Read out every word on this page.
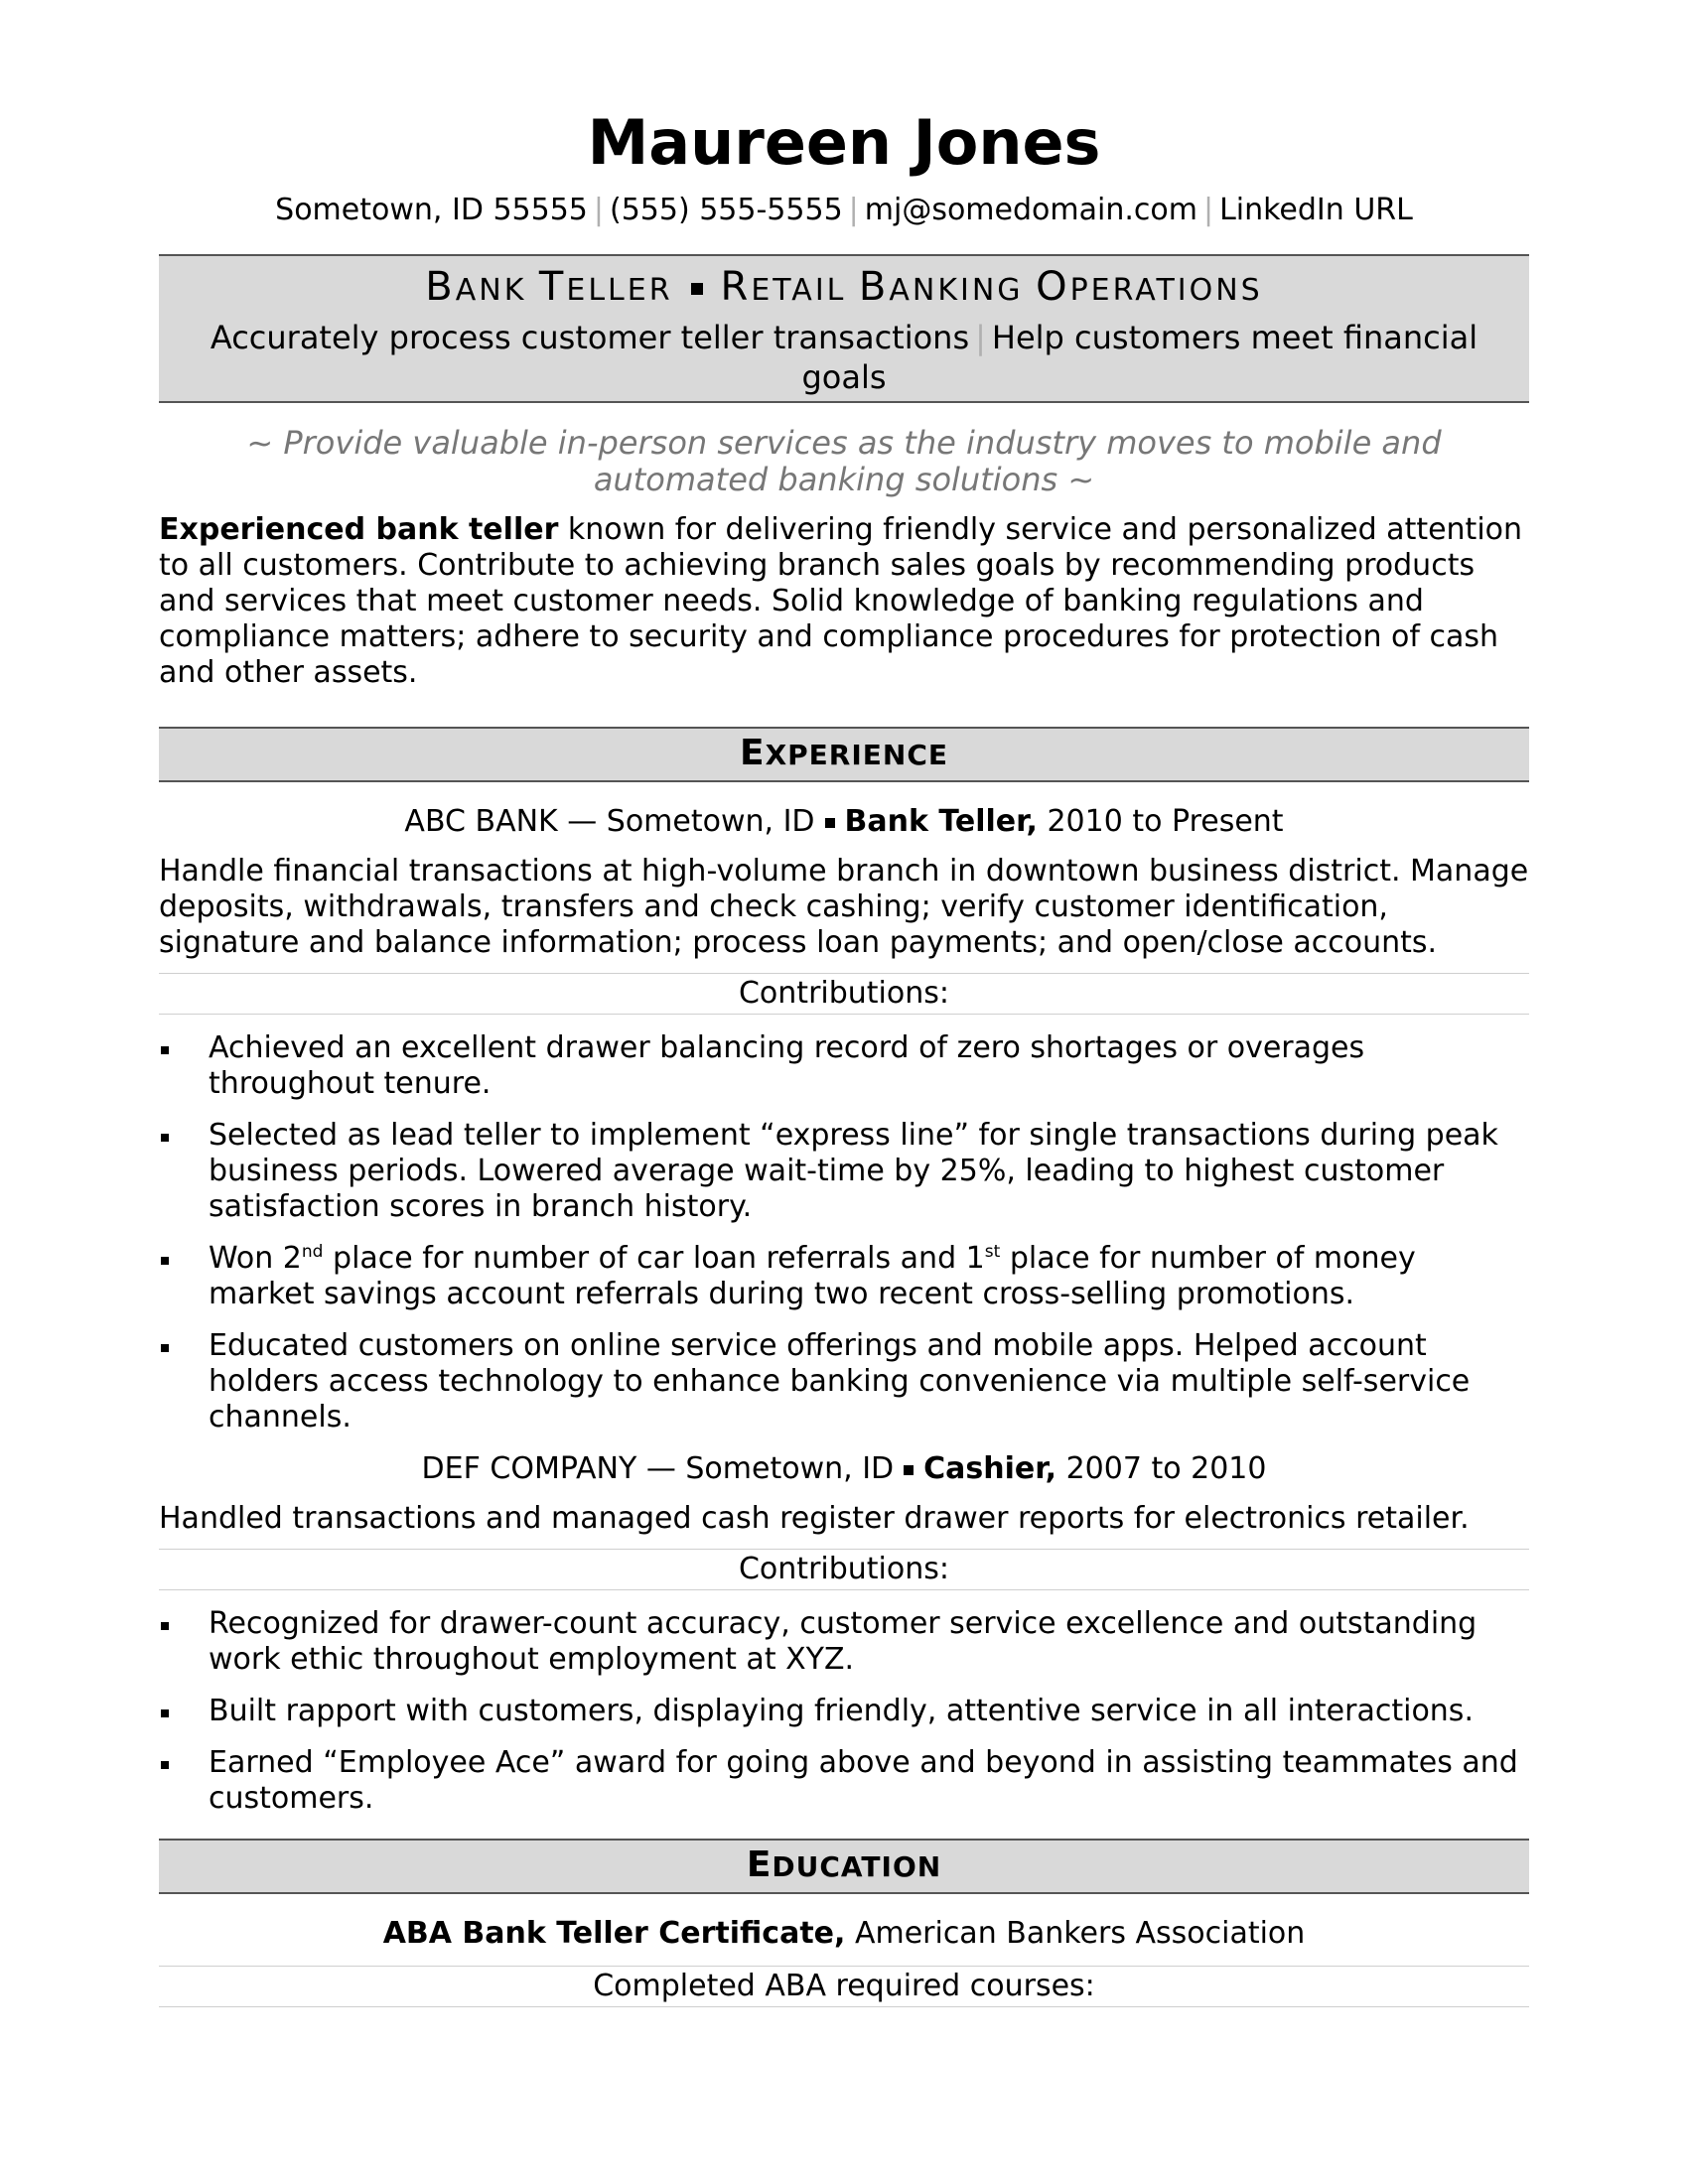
Maureen Jones
Sometown, ID 55555 | (555) 555-5555 | mj@somedomain.com | LinkedIn URL
BANK TELLER RETAIL BANKING OPERATIONS
Accurately process customer teller transactions | Help customers meet financial goals
~ Provide valuable in-person services as the industry moves to mobile and automated banking solutions ~
Experienced bank teller known for delivering friendly service and personalized attention to all customers. Contribute to achieving branch sales goals by recommending products and services that meet customer needs. Solid knowledge of banking regulations and compliance matters; adhere to security and compliance procedures for protection of cash and other assets.
EXPERIENCE
ABC BANK — Sometown, ID Bank Teller, 2010 to Present
Handle financial transactions at high-volume branch in downtown business district. Manage deposits, withdrawals, transfers and check cashing; verify customer identification, signature and balance information; process loan payments; and open/close accounts.
Contributions:
Achieved an excellent drawer balancing record of zero shortages or overages throughout tenure.
Selected as lead teller to implement “express line” for single transactions during peak business periods. Lowered average wait-time by 25%, leading to highest customer satisfaction scores in branch history.
Won 2nd place for number of car loan referrals and 1st place for number of money market savings account referrals during two recent cross-selling promotions.
Educated customers on online service offerings and mobile apps. Helped account holders access technology to enhance banking convenience via multiple self-service channels.
DEF COMPANY — Sometown, ID Cashier, 2007 to 2010
Handled transactions and managed cash register drawer reports for electronics retailer.
Contributions:
Recognized for drawer-count accuracy, customer service excellence and outstanding work ethic throughout employment at XYZ.
Built rapport with customers, displaying friendly, attentive service in all interactions.
Earned “Employee Ace” award for going above and beyond in assisting teammates and customers.
EDUCATION
ABA Bank Teller Certificate, American Bankers Association
Completed ABA required courses:
